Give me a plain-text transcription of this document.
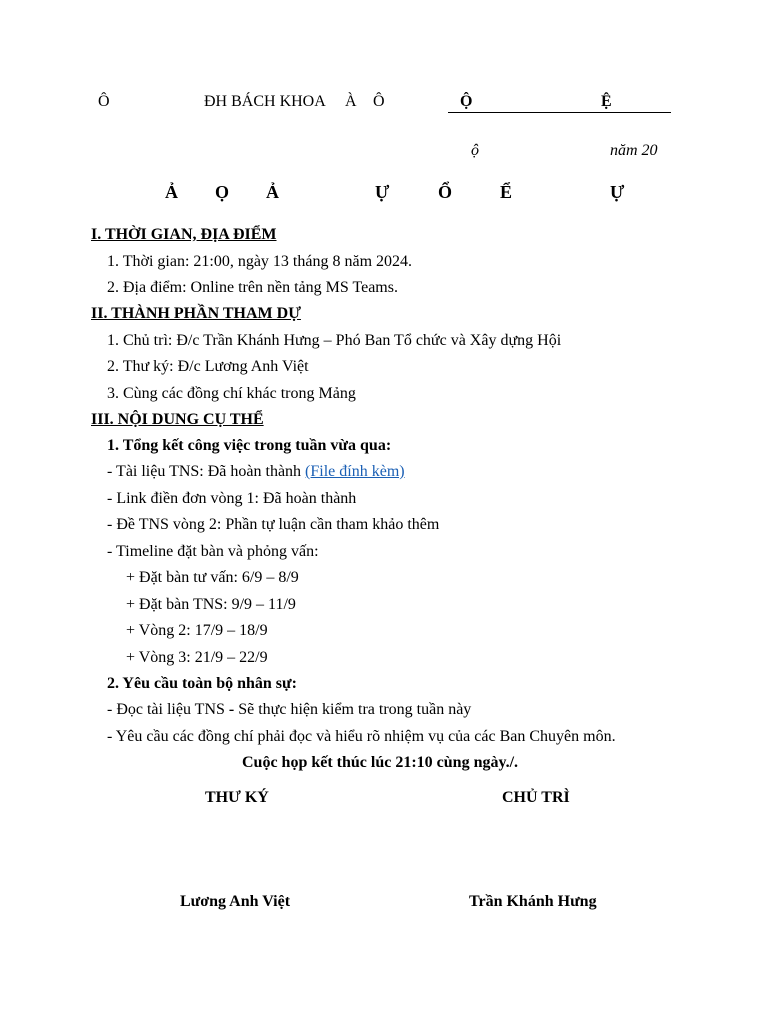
Ô	ĐH BÁCH KHOA À Ô	Ộ	Ệ
ộ	năm 20
Ả Ọ Ả	Ự	Ổ	Ể	Ự
I. THỜI GIAN, ĐỊA ĐIỂM
1. Thời gian: 21:00, ngày 13 tháng 8 năm 2024.
2. Địa điểm: Online trên nền tảng MS Teams.
II. THÀNH PHẦN THAM DỰ
1. Chủ trì: Đ/c Trần Khánh Hưng – Phó Ban Tổ chức và Xây dựng Hội
2. Thư ký: Đ/c Lương Anh Việt
3. Cùng các đồng chí khác trong Mảng
III. NỘI DUNG CỤ THỂ
1. Tổng kết công việc trong tuần vừa qua:
- Tài liệu TNS: Đã hoàn thành (File đính kèm)
- Link điền đơn vòng 1: Đã hoàn thành
- Đề TNS vòng 2: Phần tự luận cần tham khảo thêm
- Timeline đặt bàn và phỏng vấn:
+ Đặt bàn tư vấn: 6/9 – 8/9
+ Đặt bàn TNS: 9/9 – 11/9
+ Vòng 2: 17/9 – 18/9
+ Vòng 3: 21/9 – 22/9
2. Yêu cầu toàn bộ nhân sự:
- Đọc tài liệu TNS - Sẽ thực hiện kiểm tra trong tuần này
- Yêu cầu các đồng chí phải đọc và hiểu rõ nhiệm vụ của các Ban Chuyên môn.
Cuộc họp kết thúc lúc 21:10 cùng ngày./.
THƯ KÝ	CHỦ TRÌ
Lương Anh Việt	Trần Khánh Hưng
